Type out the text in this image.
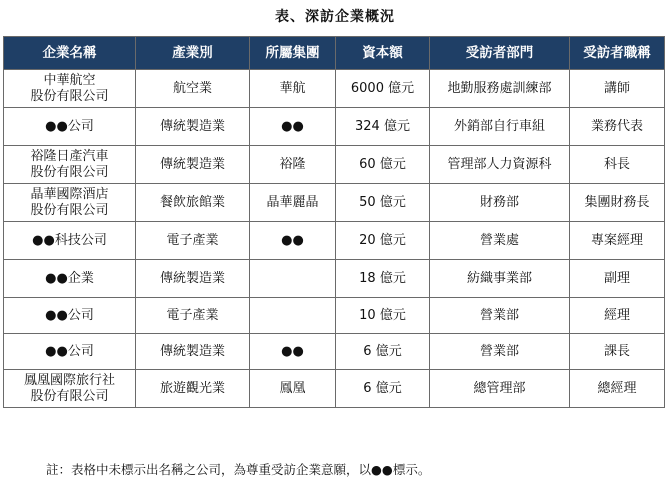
表、深訪企業概況
企業名稱	產業別	所屬集團	資本額	受訪者部門	受訪者職稱
中華航空
股份有限公司	航空業	華航	6000 億元	地勤服務處訓練部	講師
●●公司	傳統製造業	●●	324 億元	外銷部自行車組	業務代表
裕隆日產汽車
股份有限公司	傳統製造業	裕隆	60 億元	管理部人力資源科	科長
晶華國際酒店
股份有限公司	餐飲旅館業	晶華麗晶	50 億元	財務部	集團財務長
●●科技公司	電子產業	●●	20 億元	營業處	專案經理
●●企業	傳統製造業		18 億元	紡織事業部	副理
●●公司	電子產業		10 億元	營業部	經理
●●公司	傳統製造業	●●	6 億元	營業部	課長
鳳凰國際旅行社
股份有限公司	旅遊觀光業	鳳凰	6 億元	總管理部	總經理
註：表格中未標示出名稱之公司，為尊重受訪企業意願，以●●標示。
